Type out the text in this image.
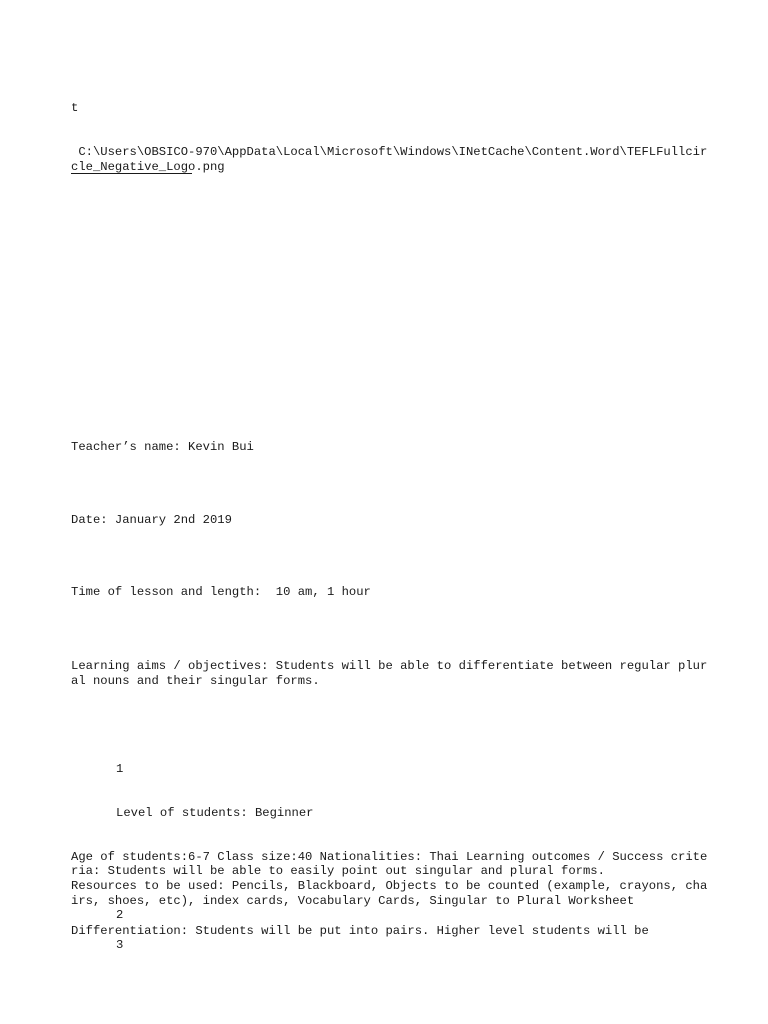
t

C:\Users\OBSICO-970\AppData\Local\Microsoft\Windows\INetCache\Content.Word\TEFLFullcircle_Negative_Logo.png

Teacher’s name: Kevin Bui
Date: January 2nd 2019
Time of lesson and length:  10 am, 1 hour
Learning aims / objectives: Students will be able to differentiate between regular plural nouns and their singular forms.

1

Level of students: Beginner

Age of students:6-7 Class size:40 Nationalities: Thai Learning outcomes / Success criteria: Students will be able to easily point out singular and plural forms.

2

Resources to be used: Pencils, Blackboard, Objects to be counted (example, crayons, chairs, shoes, etc), index cards, Vocabulary Cards, Singular to Plural Worksheet

3

Differentiation: Students will be put into pairs. Higher level students will be
